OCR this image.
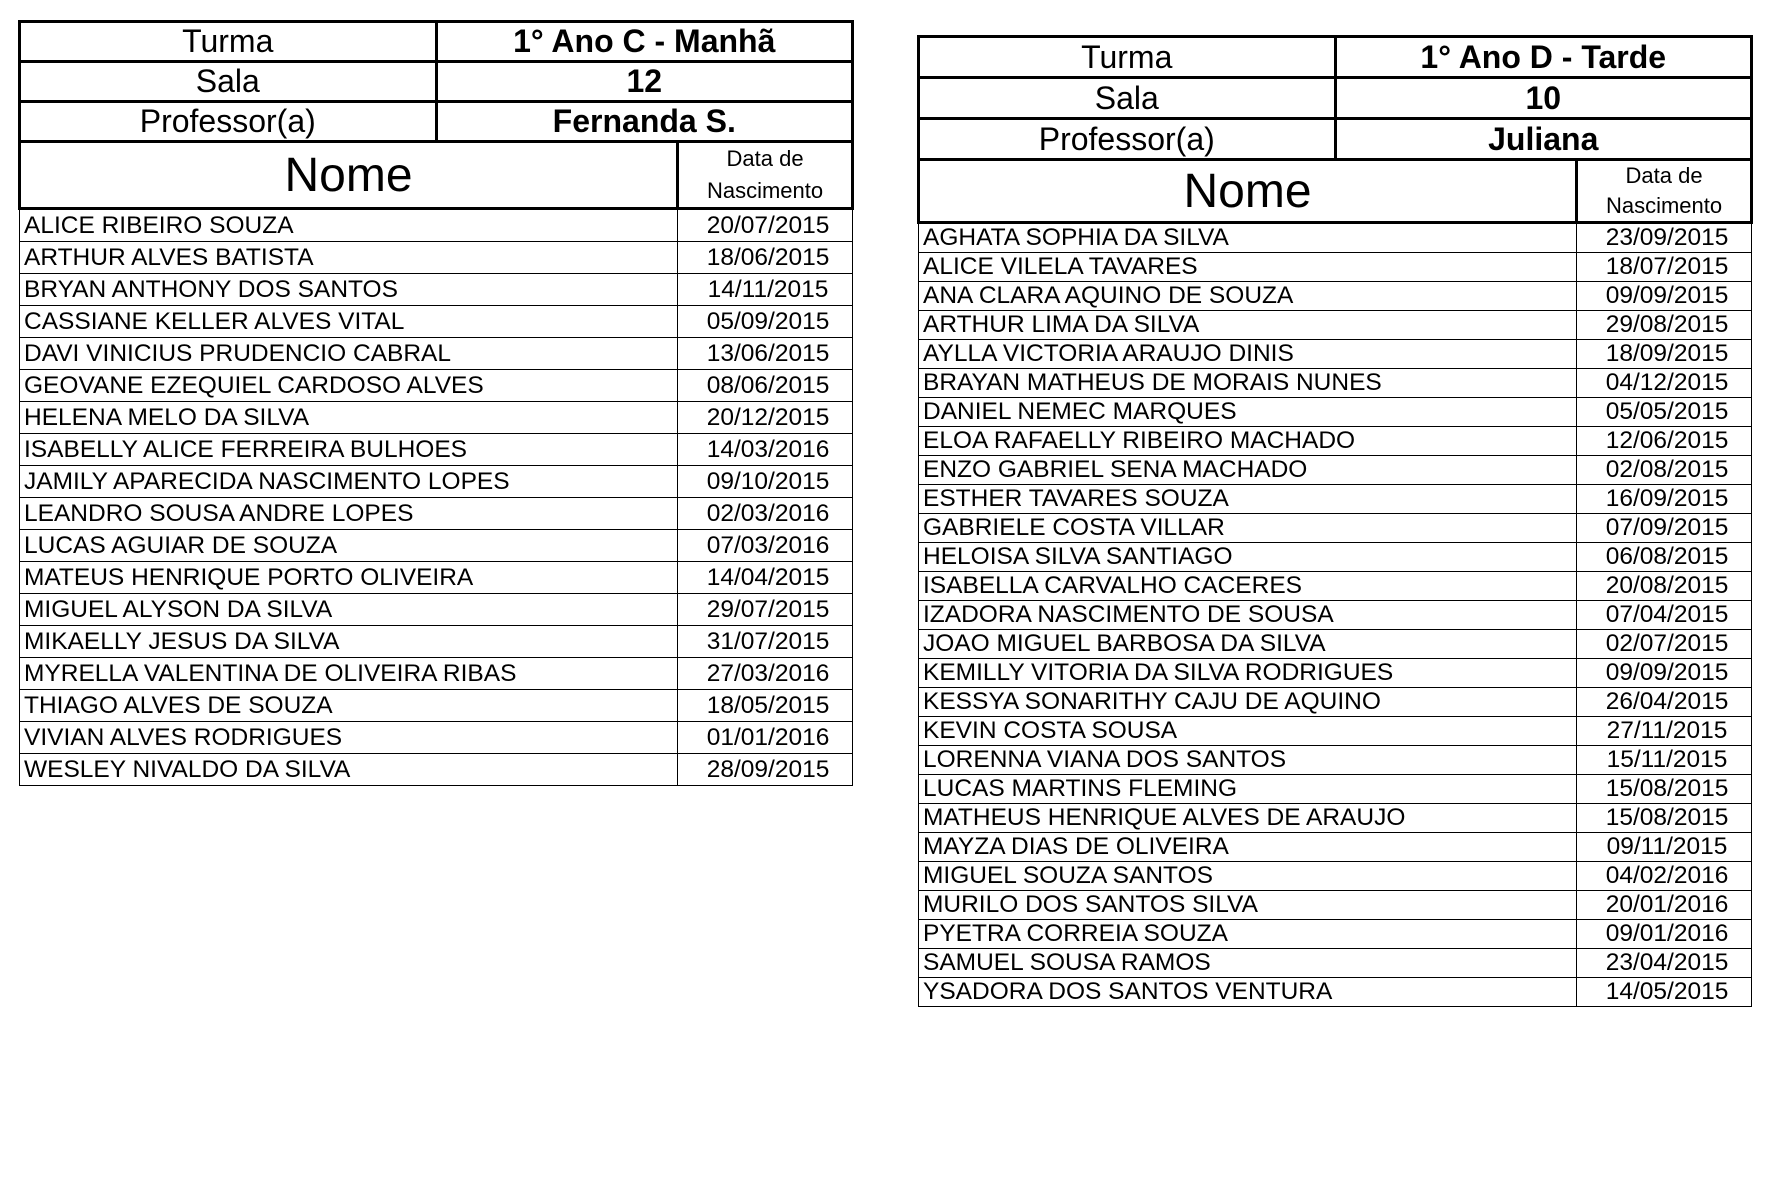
Turma	1° Ano C - Manhã
Sala	12
Professor(a)	Fernanda S.
Nome	Data de Nascimento
ALICE RIBEIRO SOUZA	20/07/2015
ARTHUR ALVES BATISTA	18/06/2015
BRYAN ANTHONY DOS SANTOS	14/11/2015
CASSIANE KELLER ALVES VITAL	05/09/2015
DAVI VINICIUS PRUDENCIO CABRAL	13/06/2015
GEOVANE EZEQUIEL CARDOSO ALVES	08/06/2015
HELENA MELO DA SILVA	20/12/2015
ISABELLY ALICE FERREIRA BULHOES	14/03/2016
JAMILY APARECIDA NASCIMENTO LOPES	09/10/2015
LEANDRO SOUSA ANDRE LOPES	02/03/2016
LUCAS AGUIAR DE SOUZA	07/03/2016
MATEUS HENRIQUE PORTO OLIVEIRA	14/04/2015
MIGUEL ALYSON DA SILVA	29/07/2015
MIKAELLY JESUS DA SILVA	31/07/2015
MYRELLA VALENTINA DE OLIVEIRA RIBAS	27/03/2016
THIAGO ALVES DE SOUZA	18/05/2015
VIVIAN ALVES RODRIGUES	01/01/2016
WESLEY NIVALDO DA SILVA	28/09/2015
Turma	1° Ano D - Tarde
Sala	10
Professor(a)	Juliana
Nome	Data de Nascimento
AGHATA SOPHIA DA SILVA	23/09/2015
ALICE VILELA TAVARES	18/07/2015
ANA CLARA AQUINO DE SOUZA	09/09/2015
ARTHUR LIMA DA SILVA	29/08/2015
AYLLA VICTORIA ARAUJO DINIS	18/09/2015
BRAYAN MATHEUS DE MORAIS NUNES	04/12/2015
DANIEL NEMEC MARQUES	05/05/2015
ELOA RAFAELLY RIBEIRO MACHADO	12/06/2015
ENZO GABRIEL SENA MACHADO	02/08/2015
ESTHER TAVARES SOUZA	16/09/2015
GABRIELE COSTA VILLAR	07/09/2015
HELOISA SILVA SANTIAGO	06/08/2015
ISABELLA CARVALHO CACERES	20/08/2015
IZADORA NASCIMENTO DE SOUSA	07/04/2015
JOAO MIGUEL BARBOSA DA SILVA	02/07/2015
KEMILLY VITORIA DA SILVA RODRIGUES	09/09/2015
KESSYA SONARITHY CAJU DE AQUINO	26/04/2015
KEVIN COSTA SOUSA	27/11/2015
LORENNA VIANA DOS SANTOS	15/11/2015
LUCAS MARTINS FLEMING	15/08/2015
MATHEUS HENRIQUE ALVES DE ARAUJO	15/08/2015
MAYZA DIAS DE OLIVEIRA	09/11/2015
MIGUEL SOUZA SANTOS	04/02/2016
MURILO DOS SANTOS SILVA	20/01/2016
PYETRA CORREIA SOUZA	09/01/2016
SAMUEL SOUSA RAMOS	23/04/2015
YSADORA DOS SANTOS VENTURA	14/05/2015
